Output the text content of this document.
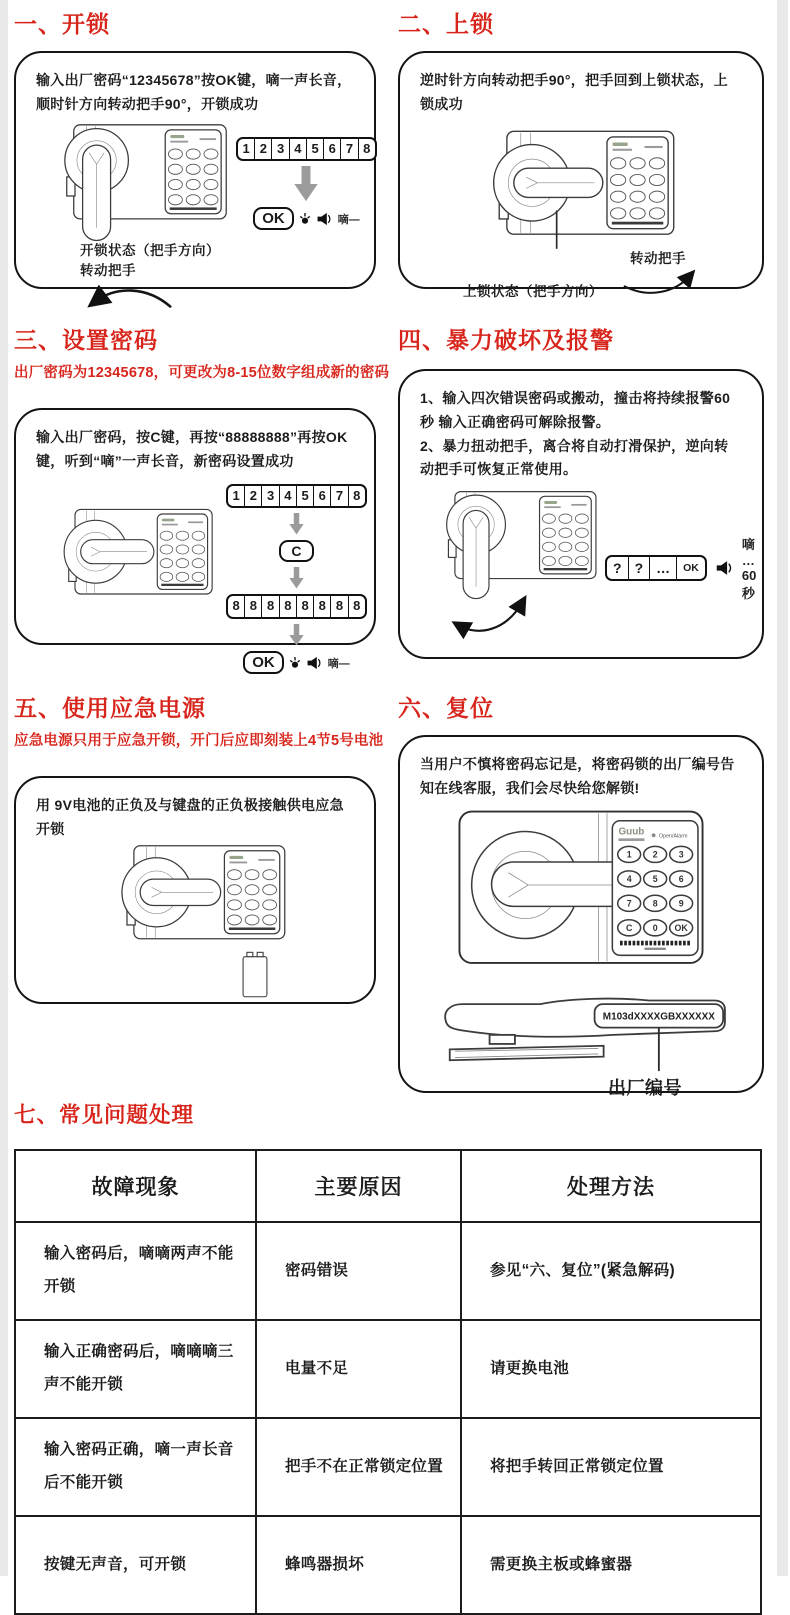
一、开锁

输入出厂密码“12345678”按OK键，嘀一声长音，顺时针方向转动把手90°，开锁成功

开锁状态（把手方向）
转动把手
1 2 3 4 5 6 7 8
OK	嘀—
二、上锁

逆时针方向转动把手90°，把手回到上锁状态，上锁成功

上锁状态（把手方向）
转动把手

三、设置密码

出厂密码为12345678，可更改为8-15位数字组成新的密码

输入出厂密码，按C键，再按“88888888”再按OK键，听到“嘀”一声长音，新密码设置成功

1 2 3 4 5 6 7 8
C
8 8 8 8 8 8 8 8
OK	嘀—
四、暴力破坏及报警

1、输入四次错误密码或搬动，撞击将持续报警60秒 输入正确密码可解除报警。

2、暴力扭动把手，离合将自动打滑保护，逆向转动把手可恢复正常使用。

? ? …	OK
嘀 … 60秒
五、使用应急电源

应急电源只用于应急开锁，开门后应即刻装上4节5号电池

用 9V电池的正负及与键盘的正负极接触供电应急开锁

六、复位

当用户不慎将密码忘记是，将密码锁的出厂编号告知在线客服，我们会尽快给您解锁!

Guub Open/Alarm
1 2 3
4 5 6
7 8 9
C 0 OK

M103dXXXXGBXXXXXX
出厂编号
七、常见问题处理
故障现象	主要原因	处理方法
输入密码后，嘀嘀两声不能开锁	密码错误	参见“六、复位”(紧急解码)
输入正确密码后，嘀嘀嘀三声不能开锁	电量不足	请更换电池
输入密码正确，嘀一声长音后不能开锁	把手不在正常锁定位置	将把手转回正常锁定位置
按键无声音，可开锁	蜂鸣器损坏	需更换主板或蜂蜜器
